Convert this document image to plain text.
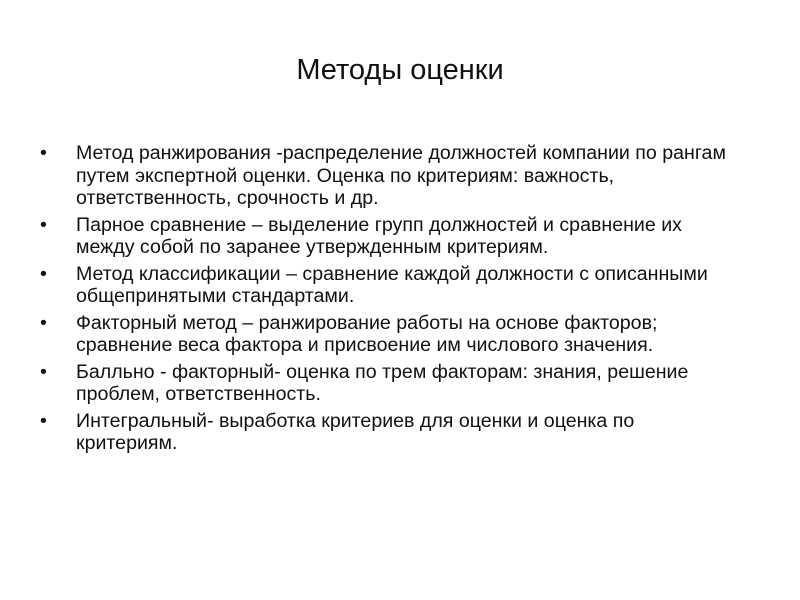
Методы оценки
•	Метод ранжирования -распределение должностей компании по рангам путем экспертной оценки. Оценка по критериям: важность, ответственность, срочность и др.
•	Парное сравнение – выделение групп должностей и сравнение их между собой по заранее утвержденным критериям.
•	Метод классификации – сравнение каждой должности с описанными общепринятыми стандартами.
•	Факторный метод – ранжирование работы на основе факторов; сравнение веса фактора и присвоение им числового значения.
•	Балльно - факторный- оценка по трем факторам: знания, решение проблем, ответственность.
•	Интегральный- выработка критериев для оценки и оценка по критериям.
